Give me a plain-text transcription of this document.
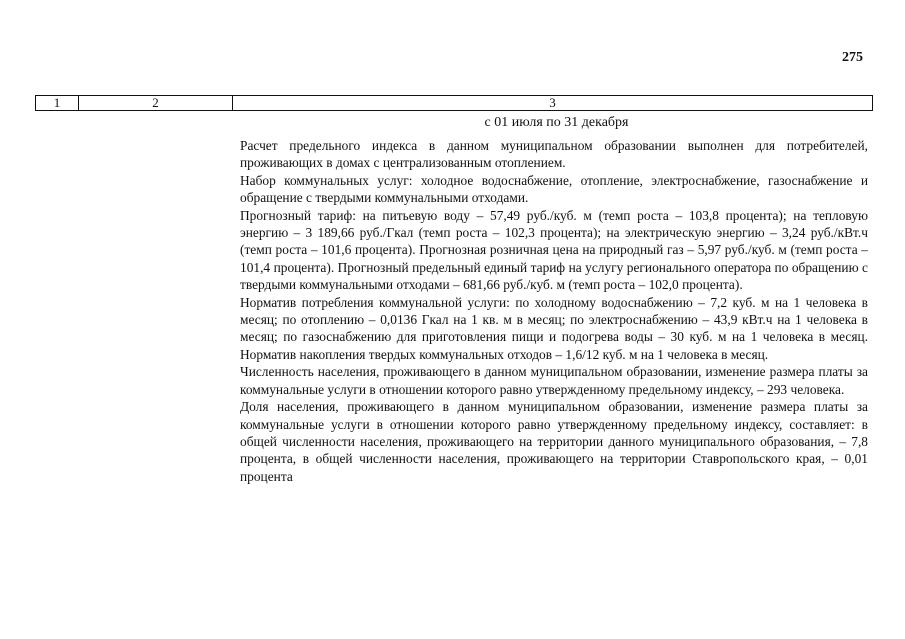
275
1	2	3
с 01 июля по 31 декабря

Расчет предельного индекса в данном муниципальном образовании выполнен для потребителей, проживающих в домах с централизованным отоплением.

Набор коммунальных услуг: холодное водоснабжение, отопление, электроснабжение, газоснабжение и обращение с твердыми коммунальными отходами.

Прогнозный тариф: на питьевую воду – 57,49 руб./куб. м (темп роста – 103,8 процента); на тепловую энергию – 3 189,66 руб./Гкал (темп роста – 102,3 процента); на электрическую энергию – 3,24 руб./кВт.ч (темп роста – 101,6 процента). Прогнозная розничная цена на природный газ – 5,97 руб./куб. м (темп роста – 101,4 процента). Прогнозный предельный единый тариф на услугу регионального оператора по обращению с твердыми коммунальными отходами – 681,66 руб./куб. м (темп роста – 102,0 процента).

Норматив потребления коммунальной услуги: по холодному водоснабжению – 7,2 куб. м на 1 человека в месяц; по отоплению – 0,0136 Гкал на 1 кв. м в месяц; по электроснабжению – 43,9 кВт.ч на 1 человека в месяц; по газоснабжению для приготовления пищи и подогрева воды – 30 куб. м на 1 человека в месяц. Норматив накопления твердых коммунальных отходов – 1,6/12 куб. м на 1 человека в месяц.

Численность населения, проживающего в данном муниципальном образовании, изменение размера платы за коммунальные услуги в отношении которого равно утвержденному предельному индексу, – 293 человека.

Доля населения, проживающего в данном муниципальном образовании, изменение размера платы за коммунальные услуги в отношении которого равно утвержденному предельному индексу, составляет: в общей численности населения, проживающего на территории данного муниципального образования, – 7,8 процента, в общей численности населения, проживающего на территории Ставропольского края, – 0,01 процента
